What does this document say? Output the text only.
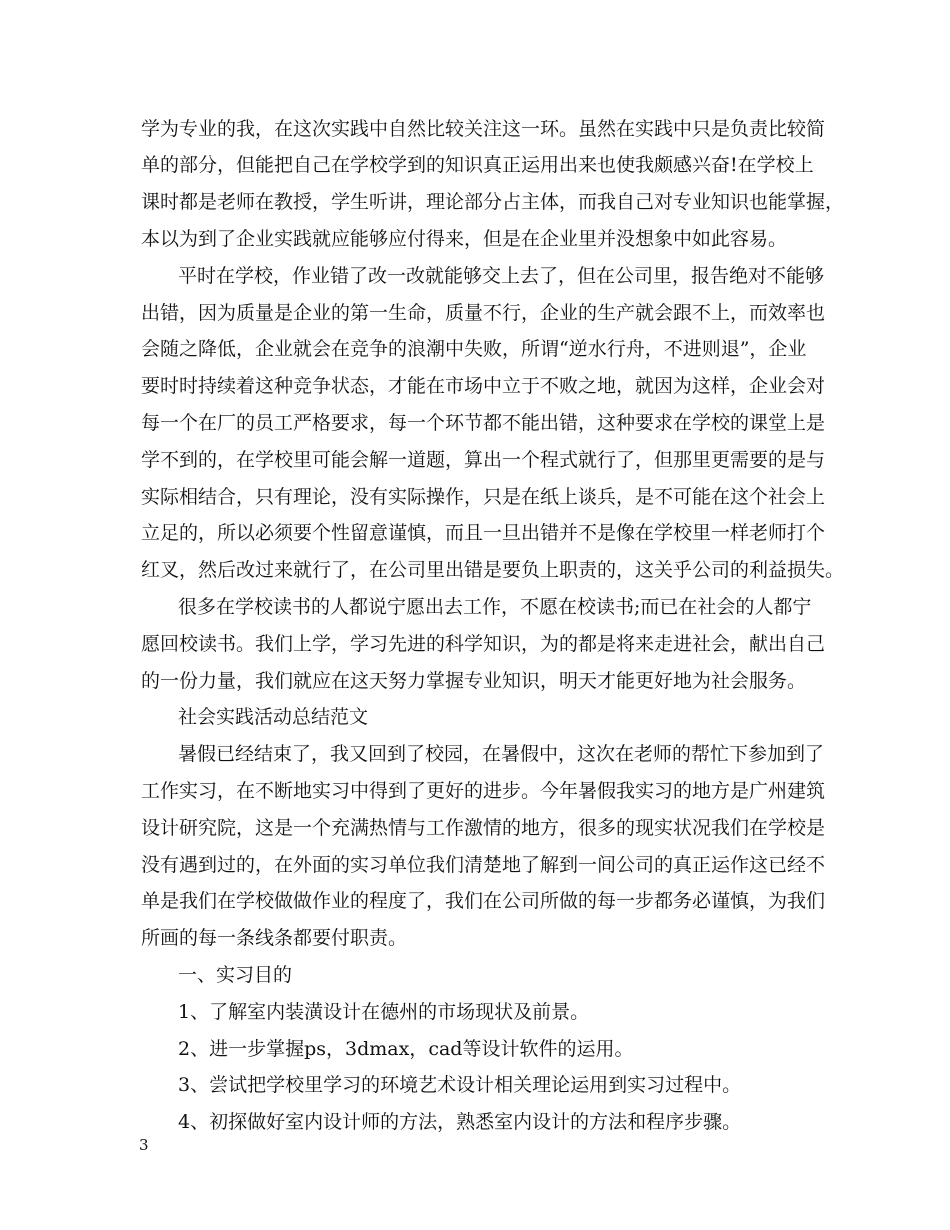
学为专业的我，在这次实践中自然比较关注这一环。虽然在实践中只是负责比较简
单的部分，但能把自己在学校学到的知识真正运用出来也使我颇感兴奋!在学校上
课时都是老师在教授，学生听讲，理论部分占主体，而我自己对专业知识也能掌握，
本以为到了企业实践就应能够应付得来，但是在企业里并没想象中如此容易。
平时在学校，作业错了改一改就能够交上去了，但在公司里，报告绝对不能够
出错，因为质量是企业的第一生命，质量不行，企业的生产就会跟不上，而效率也
会随之降低，企业就会在竞争的浪潮中失败，所谓“逆水行舟，不进则退”，企业
要时时持续着这种竞争状态，才能在市场中立于不败之地，就因为这样，企业会对
每一个在厂的员工严格要求，每一个环节都不能出错，这种要求在学校的课堂上是
学不到的，在学校里可能会解一道题，算出一个程式就行了，但那里更需要的是与
实际相结合，只有理论，没有实际操作，只是在纸上谈兵，是不可能在这个社会上
立足的，所以必须要个性留意谨慎，而且一旦出错并不是像在学校里一样老师打个
红叉，然后改过来就行了，在公司里出错是要负上职责的，这关乎公司的利益损失。
很多在学校读书的人都说宁愿出去工作，不愿在校读书;而已在社会的人都宁
愿回校读书。我们上学，学习先进的科学知识，为的都是将来走进社会，献出自己
的一份力量，我们就应在这天努力掌握专业知识，明天才能更好地为社会服务。
社会实践活动总结范文
暑假已经结束了，我又回到了校园，在暑假中，这次在老师的帮忙下参加到了
工作实习，在不断地实习中得到了更好的进步。今年暑假我实习的地方是广州建筑
设计研究院，这是一个充满热情与工作激情的地方，很多的现实状况我们在学校是
没有遇到过的，在外面的实习单位我们清楚地了解到一间公司的真正运作这已经不
单是我们在学校做做作业的程度了，我们在公司所做的每一步都务必谨慎，为我们
所画的每一条线条都要付职责。
一、实习目的
1、了解室内装潢设计在德州的市场现状及前景。
2、进一步掌握ps，3dmax，cad等设计软件的运用。
3、尝试把学校里学习的环境艺术设计相关理论运用到实习过程中。
4、初探做好室内设计师的方法，熟悉室内设计的方法和程序步骤。
3
